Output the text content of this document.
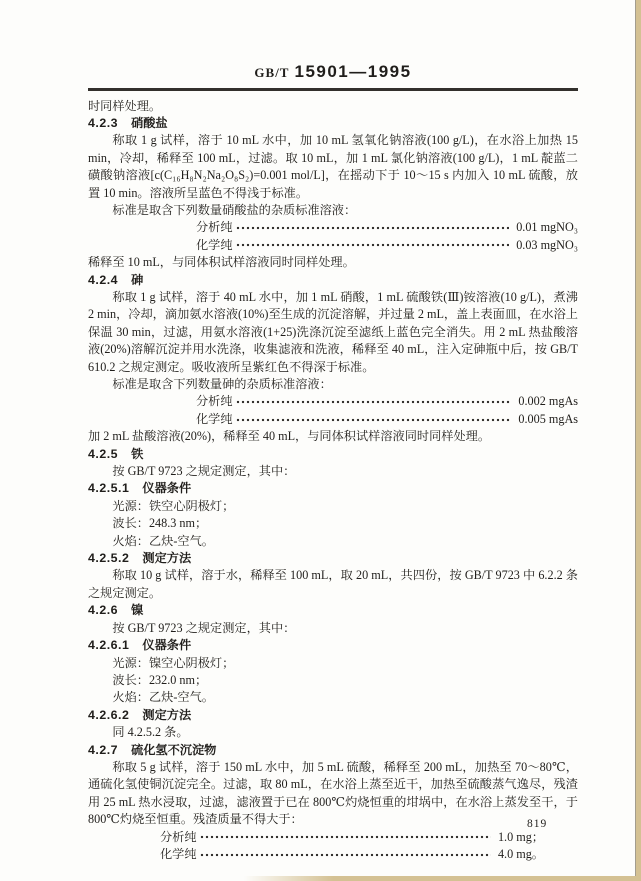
GB/T 15901—1995

时同样处理。

4.2.3 硝酸盐

称取 1 g 试样，溶于 10 mL 水中，加 10 mL 氢氧化钠溶液(100 g/L)，在水浴上加热 15 min，冷却，稀释至 100 mL，过滤。取 10 mL，加 1 mL 氯化钠溶液(100 g/L)，1 mL 靛蓝二磺酸钠溶液[c(C₁₆H₈N₂Na₂O₈S₂)=0.001 mol/L]，在摇动下于 10～15 s 内加入 10 mL 硫酸，放置 10 min。溶液所呈蓝色不得浅于标准。

标准是取含下列数量硝酸盐的杂质标准溶液：

分析纯	0.01 mgNO₃
化学纯	0.03 mgNO₃

稀释至 10 mL，与同体积试样溶液同时同样处理。

4.2.4 砷

称取 1 g 试样，溶于 40 mL 水中，加 1 mL 硝酸，1 mL 硫酸铁(Ⅲ)铵溶液(10 g/L)，煮沸 2 min，冷却，滴加氨水溶液(10%)至生成的沉淀溶解，并过量 2 mL，盖上表面皿，在水浴上保温 30 min，过滤，用氨水溶液(1+25)洗涤沉淀至滤纸上蓝色完全消失。用 2 mL 热盐酸溶液(20%)溶解沉淀并用水洗涤，收集滤液和洗液，稀释至 40 mL，注入定砷瓶中后，按 GB/T 610.2 之规定测定。吸收液所呈紫红色不得深于标准。

标准是取含下列数量砷的杂质标准溶液：

分析纯	0.002 mgAs
化学纯	0.005 mgAs

加 2 mL 盐酸溶液(20%)，稀释至 40 mL，与同体积试样溶液同时同样处理。

4.2.5 铁

按 GB/T 9723 之规定测定，其中：

4.2.5.1 仪器条件

光源：铁空心阴极灯；

波长：248.3 nm；

火焰：乙炔-空气。

4.2.5.2 测定方法

称取 10 g 试样，溶于水，稀释至 100 mL，取 20 mL，共四份，按 GB/T 9723 中 6.2.2 条之规定测定。

4.2.6 镍

按 GB/T 9723 之规定测定，其中：

4.2.6.1 仪器条件

光源：镍空心阴极灯；

波长：232.0 nm；

火焰：乙炔-空气。

4.2.6.2 测定方法

同 4.2.5.2 条。

4.2.7 硫化氢不沉淀物

称取 5 g 试样，溶于 150 mL 水中，加 5 mL 硫酸，稀释至 200 mL，加热至 70～80℃，通硫化氢使铜沉淀完全。过滤，取 80 mL，在水浴上蒸至近干，加热至硫酸蒸气逸尽，残渣用 25 mL 热水浸取，过滤，滤液置于已在 800℃灼烧恒重的坩埚中，在水浴上蒸发至干，于 800℃灼烧至恒重。残渣质量不得大于：

分析纯	1.0 mg；
化学纯	4.0 mg。
819
